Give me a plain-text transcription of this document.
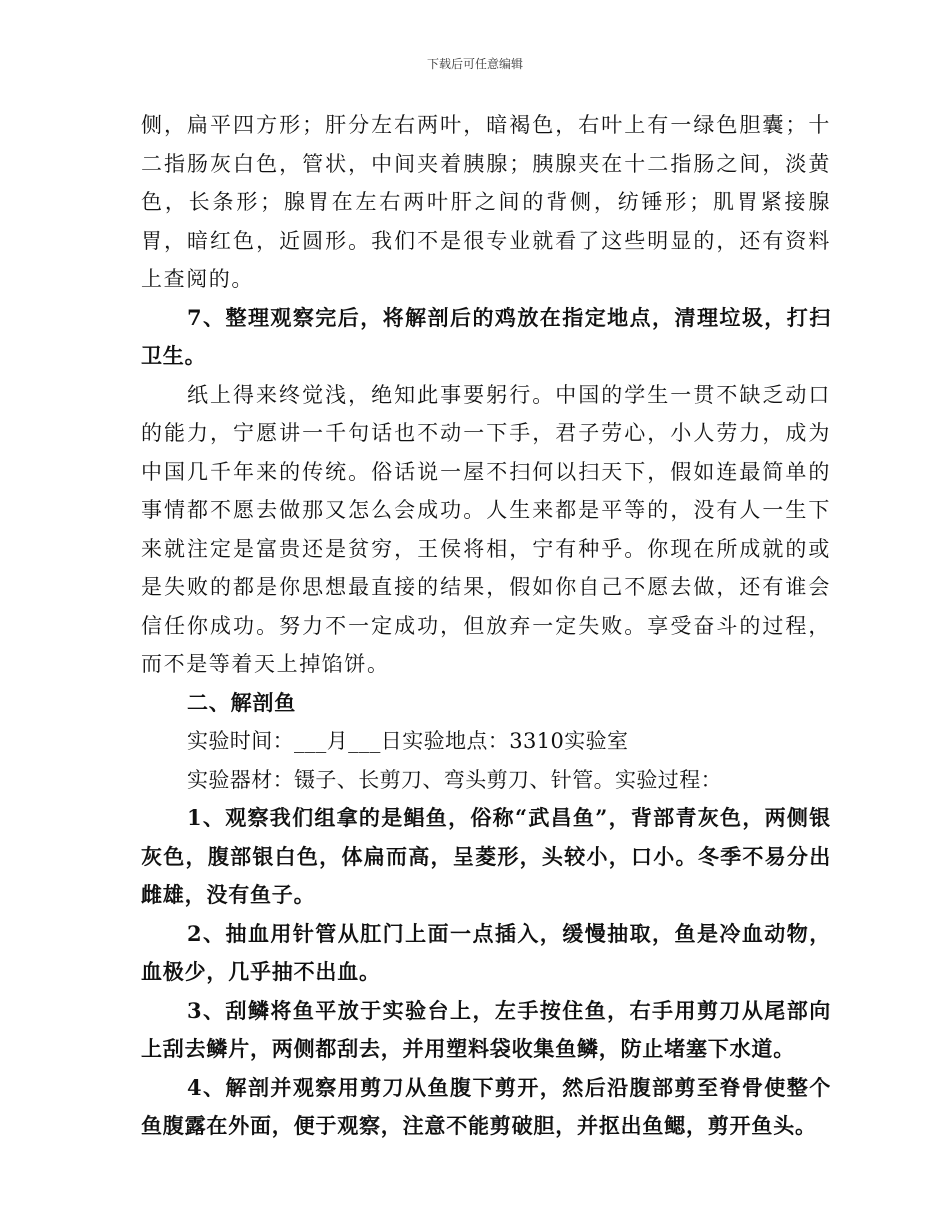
下载后可任意编辑

侧，扁平四方形；肝分左右两叶，暗褐色，右叶上有一绿色胆囊；十二指肠灰白色，管状，中间夹着胰腺；胰腺夹在十二指肠之间，淡黄色，长条形；腺胃在左右两叶肝之间的背侧，纺锤形；肌胃紧接腺胃，暗红色，近圆形。我们不是很专业就看了这些明显的，还有资料上查阅的。

7、整理观察完后，将解剖后的鸡放在指定地点，清理垃圾，打扫卫生。

纸上得来终觉浅，绝知此事要躬行。中国的学生一贯不缺乏动口的能力，宁愿讲一千句话也不动一下手，君子劳心，小人劳力，成为中国几千年来的传统。俗话说一屋不扫何以扫天下，假如连最简单的事情都不愿去做那又怎么会成功。人生来都是平等的，没有人一生下来就注定是富贵还是贫穷，王侯将相，宁有种乎。你现在所成就的或是失败的都是你思想最直接的结果，假如你自己不愿去做，还有谁会信任你成功。努力不一定成功，但放弃一定失败。享受奋斗的过程，而不是等着天上掉馅饼。

二、解剖鱼

实验时间：___月___日实验地点：3310实验室

实验器材：镊子、长剪刀、弯头剪刀、针管。实验过程：

1、观察我们组拿的是鲳鱼，俗称“武昌鱼”，背部青灰色，两侧银灰色，腹部银白色，体扁而高，呈菱形，头较小，口小。冬季不易分出雌雄，没有鱼子。

2、抽血用针管从肛门上面一点插入，缓慢抽取，鱼是冷血动物，血极少，几乎抽不出血。

3、刮鳞将鱼平放于实验台上，左手按住鱼，右手用剪刀从尾部向上刮去鳞片，两侧都刮去，并用塑料袋收集鱼鳞，防止堵塞下水道。

4、解剖并观察用剪刀从鱼腹下剪开，然后沿腹部剪至脊骨使整个鱼腹露在外面，便于观察，注意不能剪破胆，并抠出鱼鳃，剪开鱼头。
